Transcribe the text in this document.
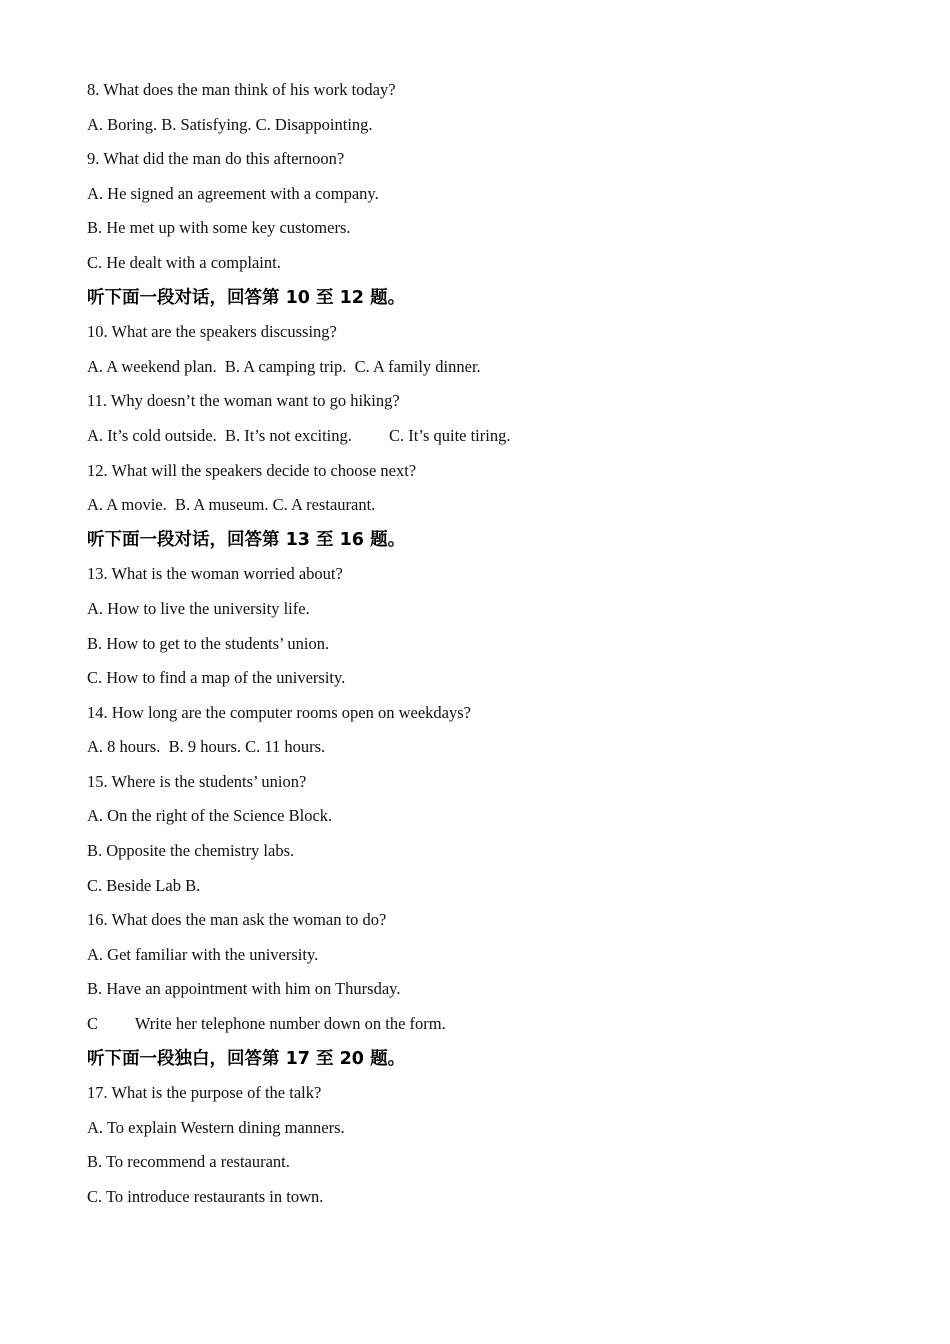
8. What does the man think of his work today?
A. Boring. B. Satisfying. C. Disappointing.
9. What did the man do this afternoon?
A. He signed an agreement with a company.
B. He met up with some key customers.
C. He dealt with a complaint.
听下面一段对话，回答第 10 至 12 题。
10. What are the speakers discussing?
A. A weekend plan.  B. A camping trip.  C. A family dinner.
11. Why doesn’t the woman want to go hiking?
A. It’s cold outside.  B. It’s not exciting.         C. It’s quite tiring.
12. What will the speakers decide to choose next?
A. A movie.  B. A museum. C. A restaurant.
听下面一段对话，回答第 13 至 16 题。
13. What is the woman worried about?
A. How to live the university life.
B. How to get to the students’ union.
C. How to find a map of the university.
14. How long are the computer rooms open on weekdays?
A. 8 hours.  B. 9 hours. C. 11 hours.
15. Where is the students’ union?
A. On the right of the Science Block.
B. Opposite the chemistry labs.
C. Beside Lab B.
16. What does the man ask the woman to do?
A. Get familiar with the university.
B. Have an appointment with him on Thursday.
C         Write her telephone number down on the form.
听下面一段独白，回答第 17 至 20 题。
17. What is the purpose of the talk?
A. To explain Western dining manners.
B. To recommend a restaurant.
C. To introduce restaurants in town.
